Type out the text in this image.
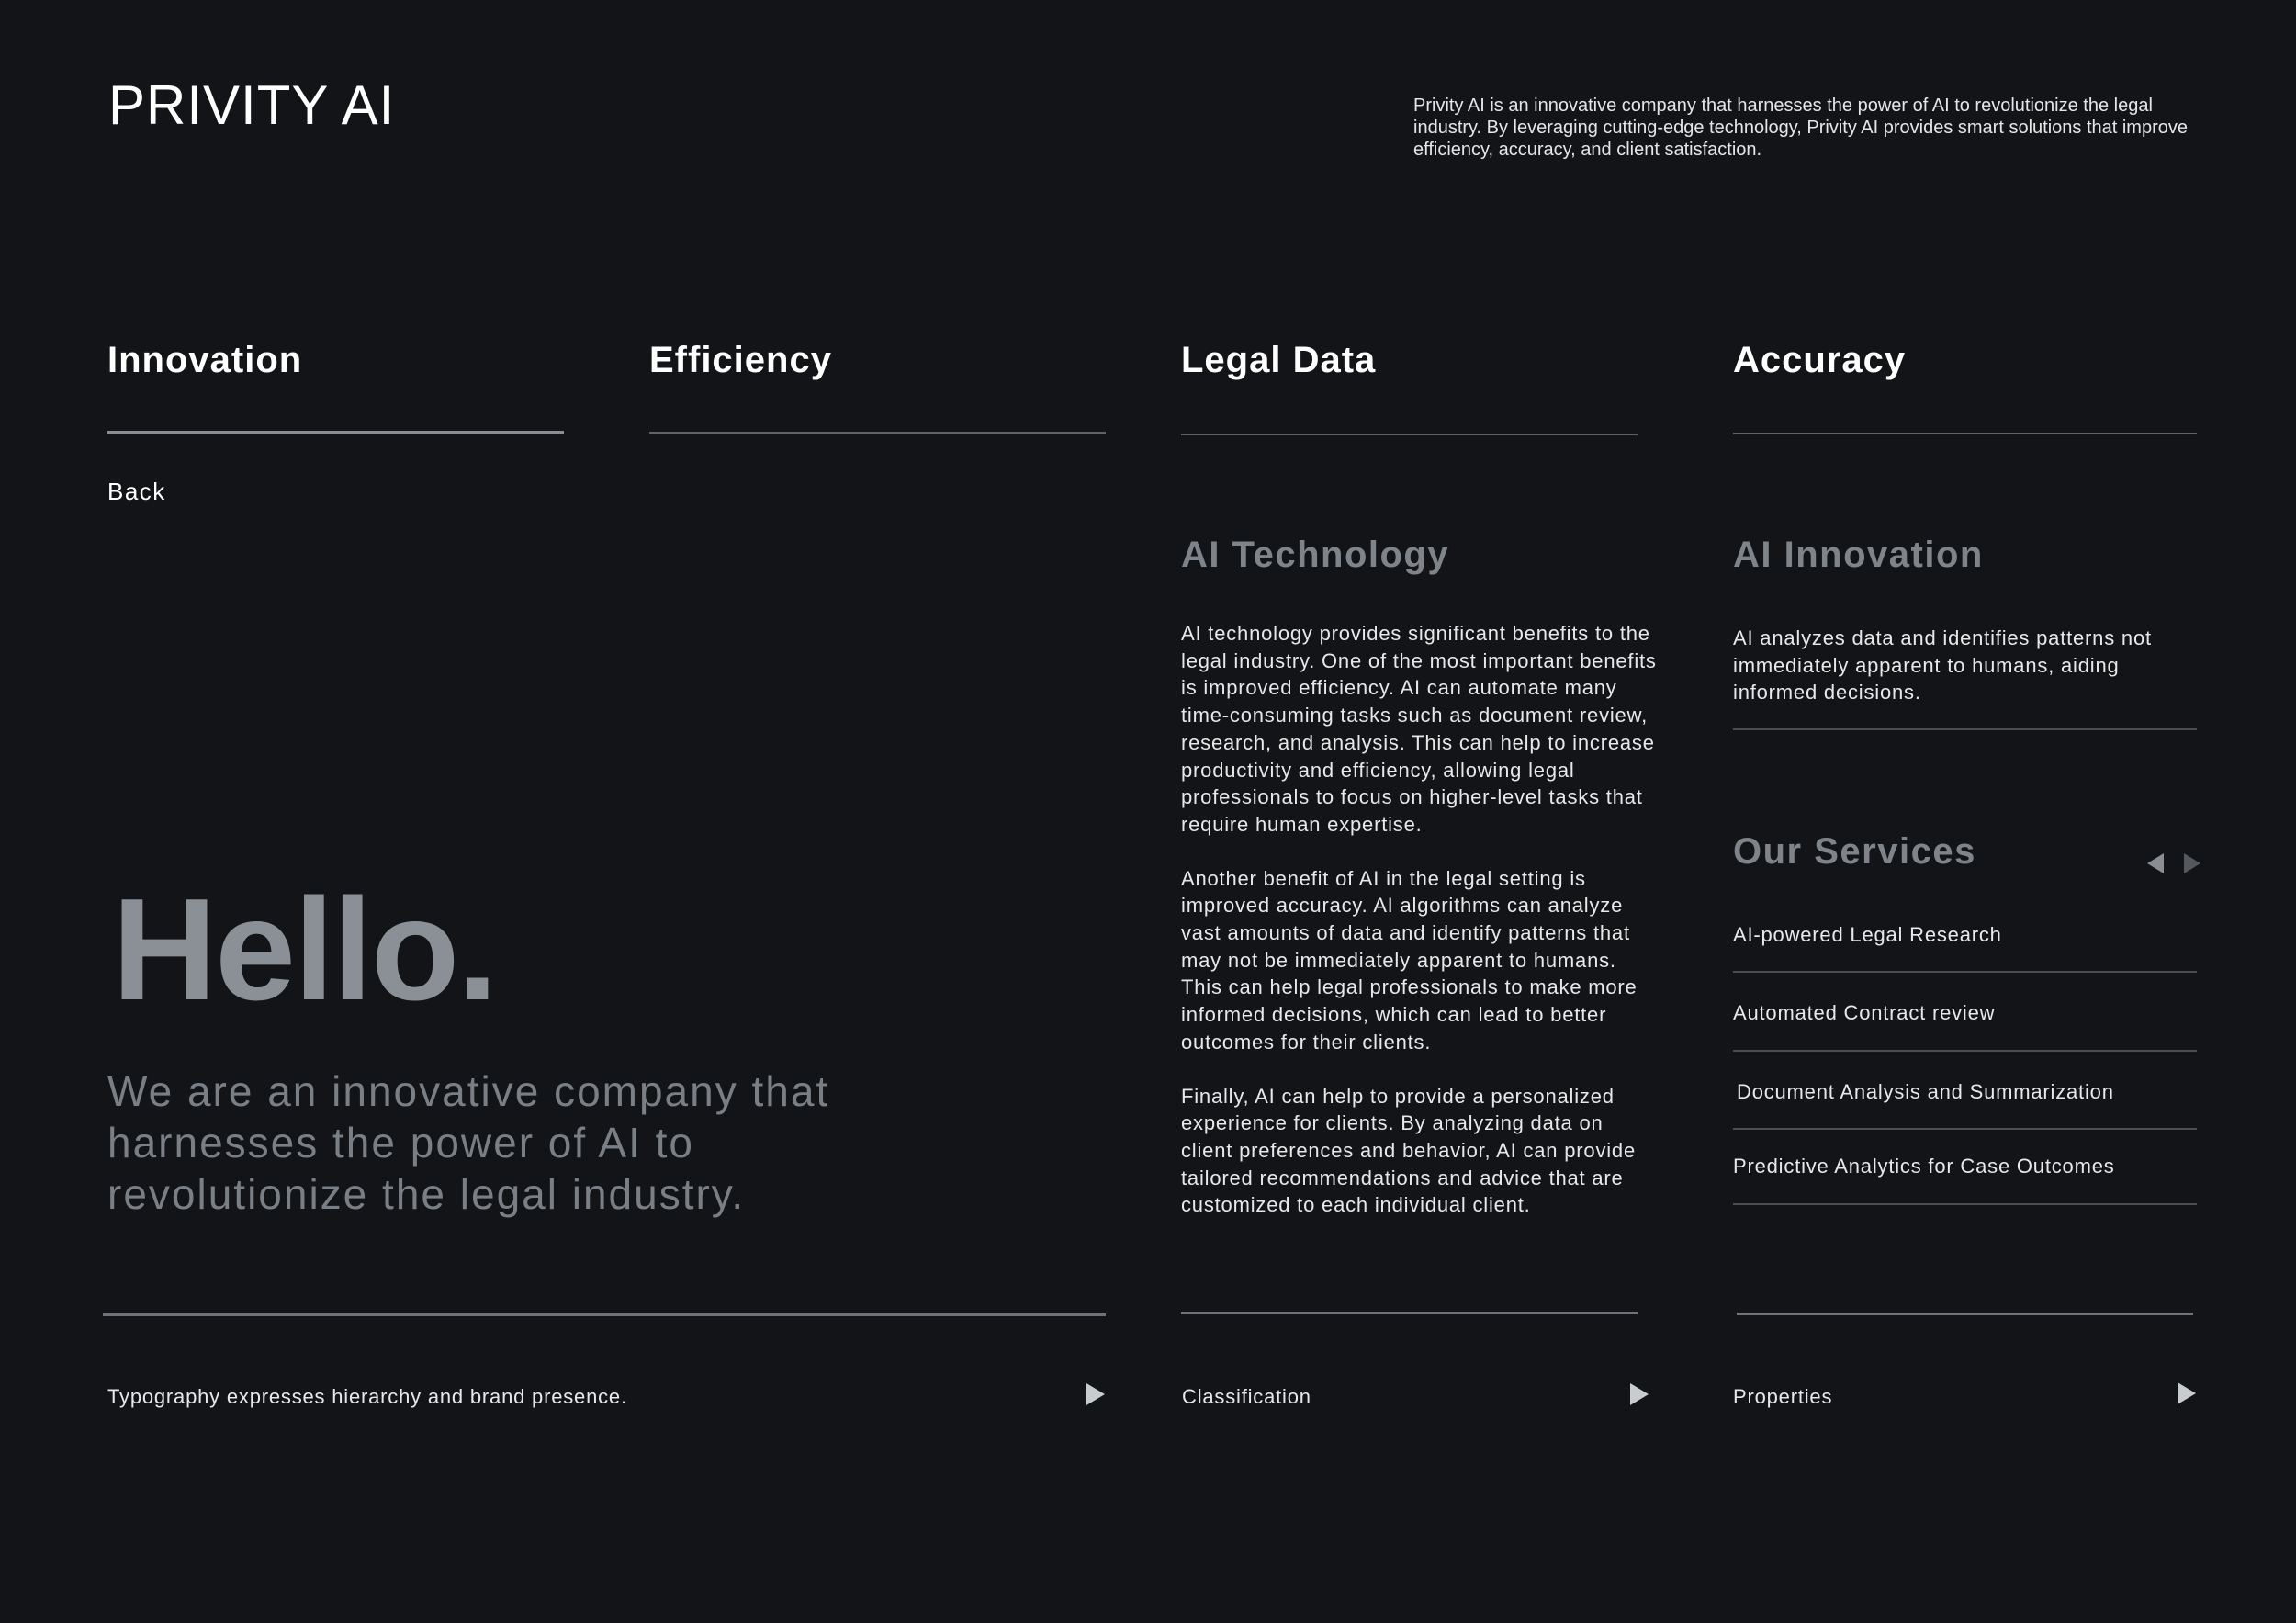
PRIVITY AI	Privity AI is an innovative company that harnesses the power of AI to revolutionize the legal industry. By leveraging cutting-edge technology, Privity AI provides smart solutions that improve efficiency, accuracy, and client satisfaction.
Innovation	Efficiency	Legal Data	Accuracy
Back
Hello.
We are an innovative company that harnesses the power of AI to revolutionize the legal industry.
AI Technology

AI technology provides significant benefits to the legal industry. One of the most important benefits is improved efficiency. AI can automate many time-consuming tasks such as document review, research, and analysis. This can help to increase productivity and efficiency, allowing legal professionals to focus on higher-level tasks that require human expertise.

Another benefit of AI in the legal setting is improved accuracy. AI algorithms can analyze vast amounts of data and identify patterns that may not be immediately apparent to humans. This can help legal professionals to make more informed decisions, which can lead to better outcomes for their clients.

Finally, AI can help to provide a personalized experience for clients. By analyzing data on client preferences and behavior, AI can provide tailored recommendations and advice that are customized to each individual client.

AI Innovation
AI analyzes data and identifies patterns not immediately apparent to humans, aiding informed decisions.
Our Services
AI-powered Legal Research
Automated Contract review
Document Analysis and Summarization
Predictive Analytics for Case Outcomes
Typography expresses hierarchy and brand presence.	Classification	Properties
